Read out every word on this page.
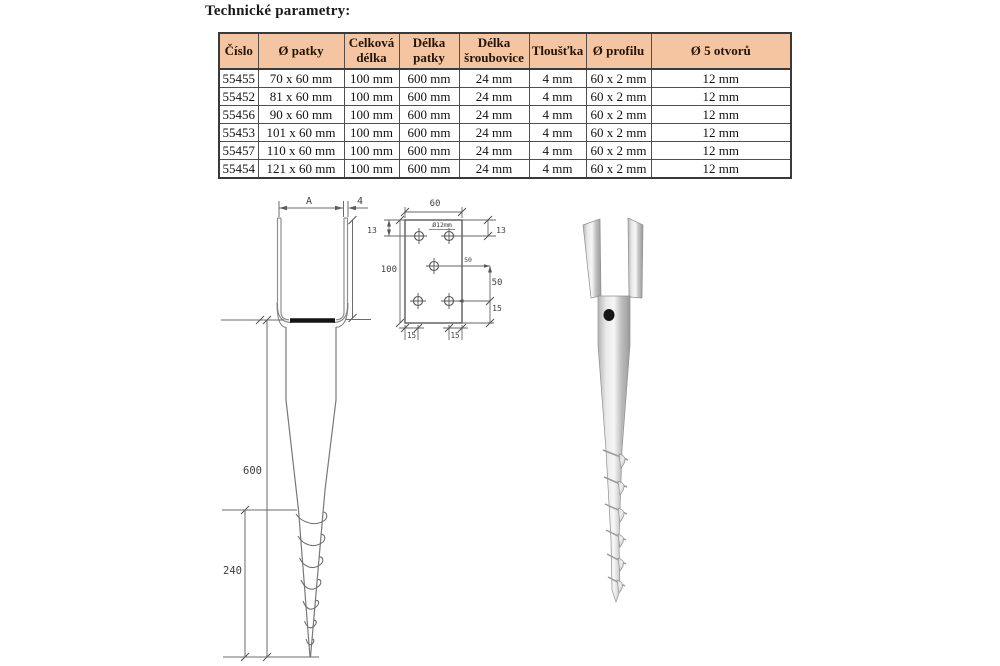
Technické parametry:
Číslo	Ø patky	Celková délka	Délka patky	Délka šroubovice	Tloušťka	Ø profilu	Ø 5 otvorů
55455	70 x 60 mm	100 mm	600 mm	24 mm	4 mm	60 x 2 mm	12 mm
55452	81 x 60 mm	100 mm	600 mm	24 mm	4 mm	60 x 2 mm	12 mm
55456	90 x 60 mm	100 mm	600 mm	24 mm	4 mm	60 x 2 mm	12 mm
55453	101 x 60 mm	100 mm	600 mm	24 mm	4 mm	60 x 2 mm	12 mm
55457	110 x 60 mm	100 mm	600 mm	24 mm	4 mm	60 x 2 mm	12 mm
55454	121 x 60 mm	100 mm	600 mm	24 mm	4 mm	60 x 2 mm	12 mm
A	4
600
240
60
100
13	13
Ø12mm
50
50
15
15	15
